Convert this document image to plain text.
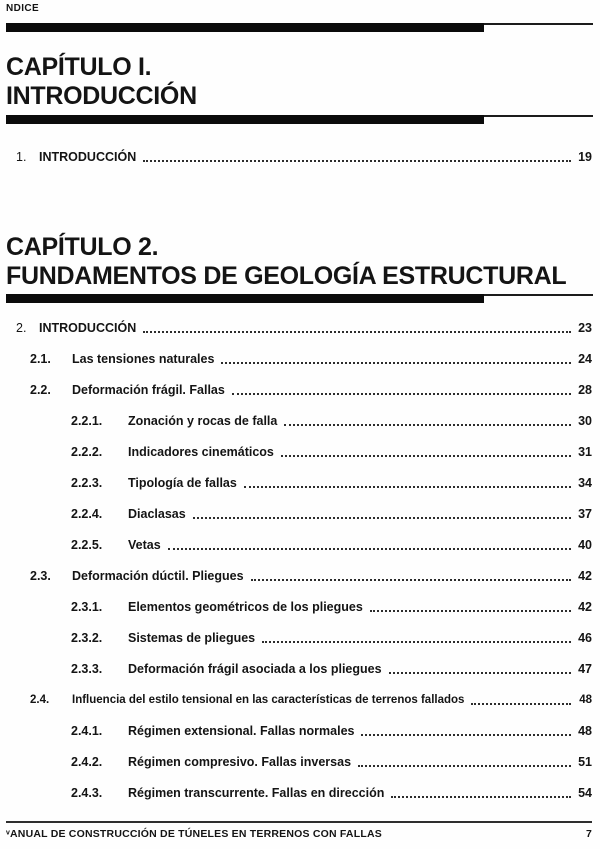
NDICE
CAPÍTULO I.
INTRODUCCIÓN
1.	INTRODUCCIÓN	19
CAPÍTULO 2.
FUNDAMENTOS DE GEOLOGÍA ESTRUCTURAL
2.	INTRODUCCIÓN	23
2.1.	Las tensiones naturales	24
2.2.	Deformación frágil. Fallas	28
2.2.1.	Zonación y rocas de falla	30
2.2.2.	Indicadores cinemáticos	31
2.2.3.	Tipología de fallas	34
2.2.4.	Diaclasas	37
2.2.5.	Vetas	40
2.3.	Deformación dúctil. Pliegues	42
2.3.1.	Elementos geométricos de los pliegues	42
2.3.2.	Sistemas de pliegues	46
2.3.3.	Deformación frágil asociada a los pliegues	47
2.4.	Influencia del estilo tensional en las características de terrenos fallados	48
2.4.1.	Régimen extensional. Fallas normales	48
2.4.2.	Régimen compresivo. Fallas inversas	51
2.4.3.	Régimen transcurrente. Fallas en dirección	54
ᵛANUAL DE CONSTRUCCIÓN DE TÚNELES EN TERRENOS CON FALLAS	7
